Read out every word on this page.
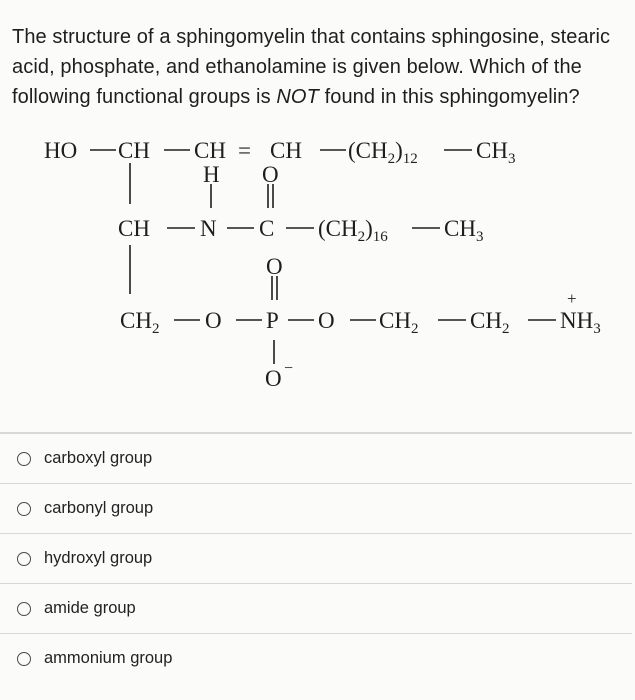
The structure of a sphingomyelin that contains sphingosine, stearic acid, phosphate, and ethanolamine is given below. Which of the following functional groups is NOT found in this sphingomyelin?
HO CH CH = CH $(CH_2)_{12}$	$CH_3$
H O
CH N C $(CH_2)_{16}$ $CH_3$
O
$CH_2$ O P O $CH_2$ $CH_2$ $NH_3$
+
O −
carboxyl group
carbonyl group
hydroxyl group
amide group
ammonium group
